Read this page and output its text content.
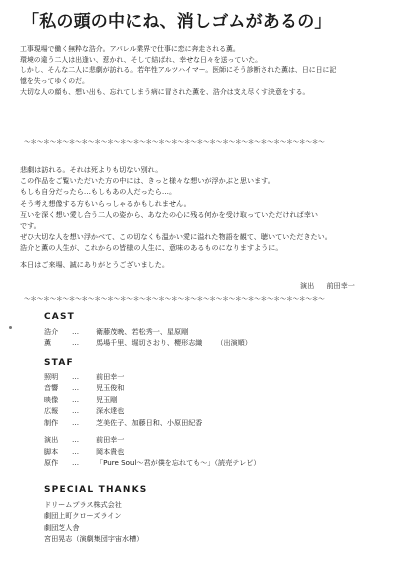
「私の頭の中にね、消しゴムがあるの」

工事現場で働く無粋な浩介。アパレル業界で仕事に恋に奔走される薫。

環境の違う二人は出逢い、惹かれ、そして結ばれ、幸せな日々を送っていた。

しかし、そんな二人に悲劇が訪れる。若年性アルツハイマー。医師にそう診断された薫は、日に日に記

憶を失ってゆくのだ。

大切な人の顔も、想い出も、忘れてしまう病に冒された薫を、浩介は支え尽くす決意をする。

～＊～＊～＊～＊～＊～＊～＊～＊～＊～＊～＊～＊～＊～＊～＊～＊～＊～＊～＊～＊～＊～＊～＊～

悲劇は訪れる。それは死よりも切ない別れ。

この作品をご覧いただいた方の中には、きっと様々な想いが浮かぶと思います。

もしも自分だったら…もしもあの人だったら…。

そう考え想像する方もいらっしゃるかもしれません。

互いを深く想い愛し合う二人の姿から、あなたの心に残る何かを受け取っていただければ幸い

です。

ぜひ大切な人を想い浮かべて、この切なくも温かい愛に溢れた物語を観て、聴いていただきたい。

浩介と薫の人生が、これからの皆様の人生に、意味のあるものになりますように。

本日はご来場、誠にありがとうございました。

演出 前田幸一
～＊～＊～＊～＊～＊～＊～＊～＊～＊～＊～＊～＊～＊～＊～＊～＊～＊～＊～＊～＊～＊～＊～＊～
CAST
浩介	…	衛藤茂晩、若松秀一、星原剛
薫	…	馬場千里、堀切さおり、櫻形志織 （出演順）
STAF
照明	…	前田幸一
音響	…	児玉俊和
映像	…	児玉剛
広報	…	深水達也
制作	…	芝美佐子、加藤日和、小原田紀香
演出	…	前田幸一
脚本	…	岡本貴也
原作	…	「Pure Soul～君が僕を忘れても～」（読売テレビ）
SPECIAL THANKS
ドリームプラス株式会社
劇団上町クローズライン
劇団芝人舎
宮田晃志（演劇集団宇宙水槽）
